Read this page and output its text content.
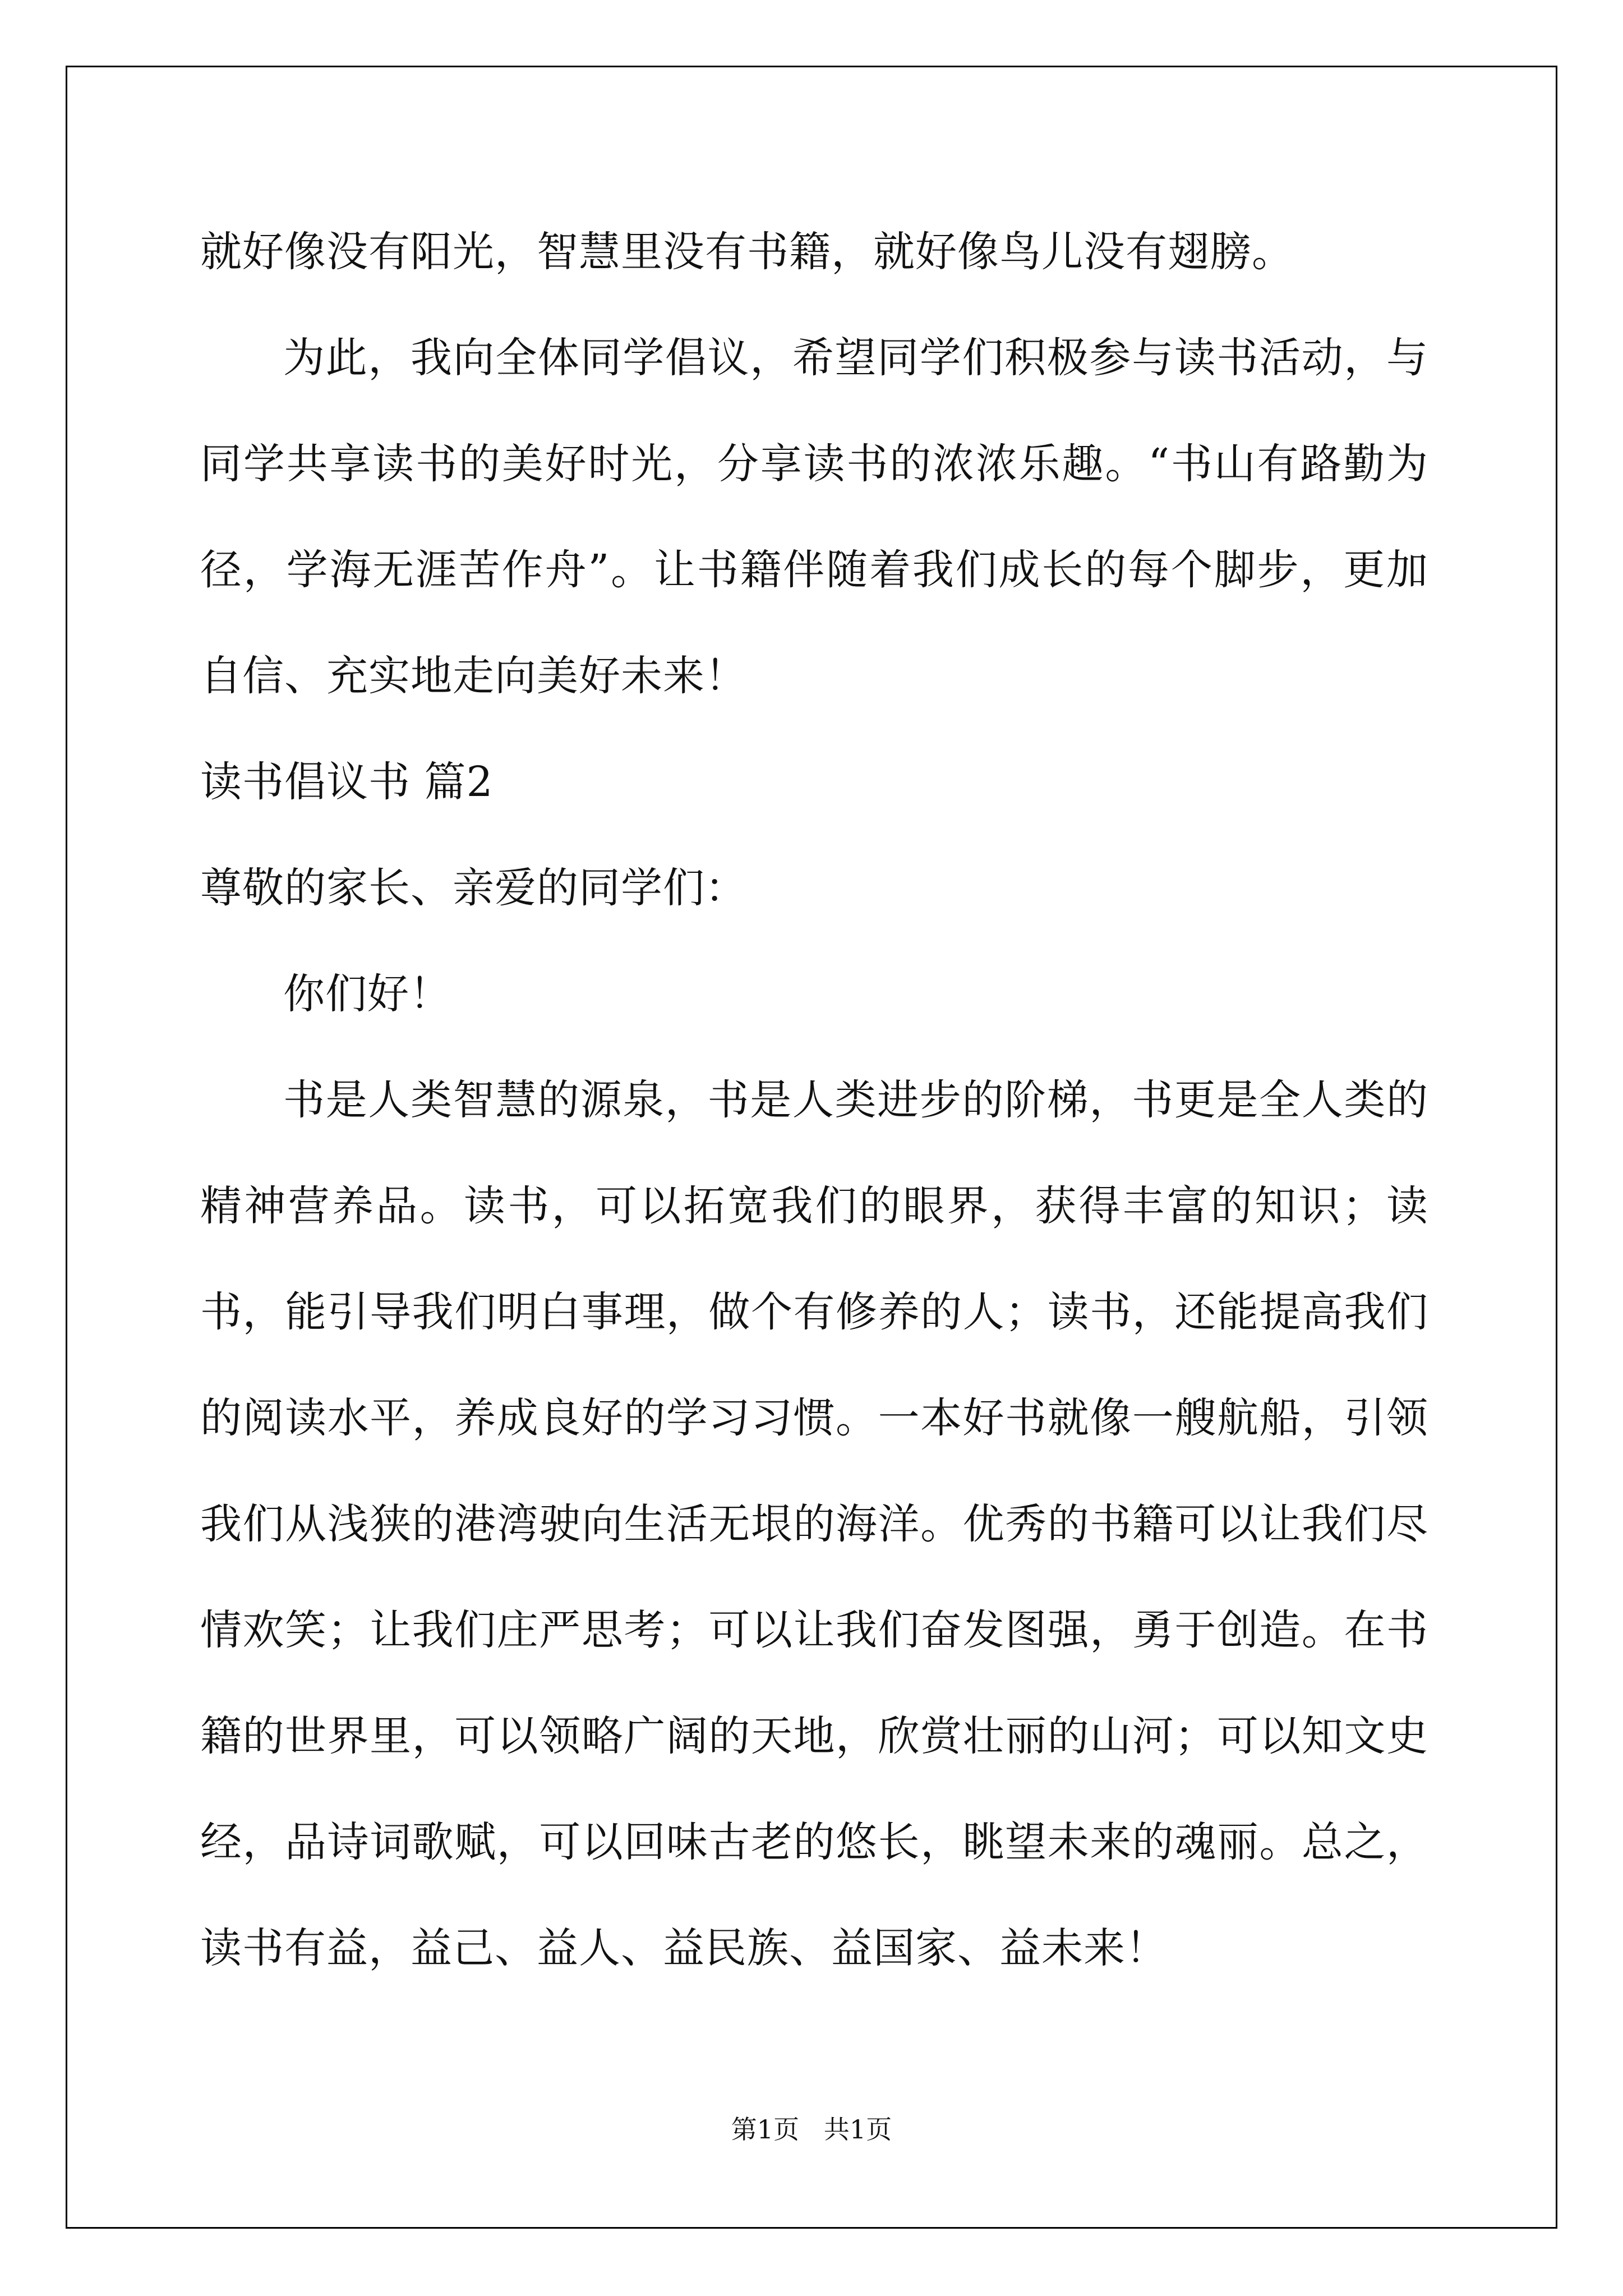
就好像没有阳光，智慧里没有书籍，就好像鸟儿没有翅膀。

为此，我向全体同学倡议，希望同学们积极参与读书活动，与同学共享读书的美好时光，分享读书的浓浓乐趣。“书山有路勤为径，学海无涯苦作舟”。让书籍伴随着我们成长的每个脚步，更加自信、充实地走向美好未来！

读书倡议书 篇2

尊敬的家长、亲爱的同学们：

你们好！

书是人类智慧的源泉，书是人类进步的阶梯，书更是全人类的精神营养品。读书，可以拓宽我们的眼界，获得丰富的知识；读书，能引导我们明白事理，做个有修养的人；读书，还能提高我们的阅读水平，养成良好的学习习惯。一本好书就像一艘航船，引领我们从浅狭的港湾驶向生活无垠的海洋。优秀的书籍可以让我们尽情欢笑；让我们庄严思考；可以让我们奋发图强，勇于创造。在书籍的世界里，可以领略广阔的天地，欣赏壮丽的山河；可以知文史经，品诗词歌赋，可以回味古老的悠长，眺望未来的魂丽。总之，读书有益，益己、益人、益民族、益国家、益未来！

第1页   共1页
